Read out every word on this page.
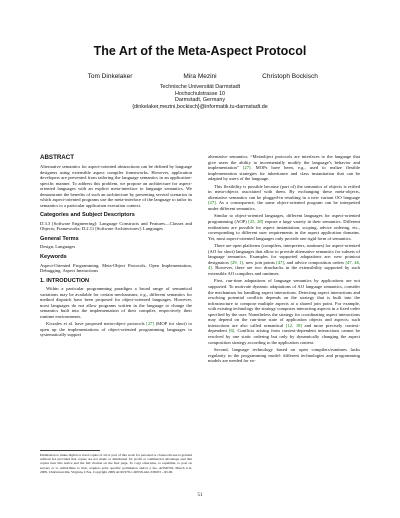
The Art of the Meta-Aspect Protocol
Tom Dinkelaker	Mira Mezini	Christoph Bockisch
Technische Universität Darmstadt
Hochschulstrasse 10
Darmstadt, Germany
{dinkelaker,mezini,bockisch}@informatik.tu-darmstadt.de
ABSTRACT

Alternative semantics for aspect-oriented abstractions can be defined by language designers using extensible aspect compiler frameworks. However, application developers are prevented from tailoring the language semantics in an application-specific manner. To address this problem, we propose an architecture for aspect-oriented languages with an explicit meta-interface to language semantics. We demonstrate the benefits of such an architecture by presenting several scenarios in which aspect-oriented programs use the meta-interface of the language to tailor its semantics to a particular application execution context.

Categories and Subject Descriptors

D.3.3 [Software Engineering]: Language Constructs and Features—Classes and Objects; Frameworks; D.2.11 [Software Architectures]: Languages

General Terms

Design, Languages

Keywords

Aspect-Oriented Programming, Meta-Object Protocols, Open Implementation, Debugging, Aspect Interactions

1. INTRODUCTION

Within a particular programming paradigm a broad range of semantical variations may be available for certain mechanisms; e.g., different semantics for method dispatch have been proposed for object-oriented languages. However, most languages do not allow programs written in the language to change the semantics built into the implementation of their compiler, respectively their runtime environments.

Kiczales et al. have proposed meta-object protocols [27] (MOP for short) to open up the implementations of object-oriented programming languages to systematically support

Permission to make digital or hard copies of all or part of this work for personal or classroom use is granted without fee provided that copies are not made or distributed for profit or commercial advantage and that copies bear this notice and the full citation on the first page. To copy otherwise, to republish, to post on servers or to redistribute to lists, requires prior specific permission and/or a fee. AOSD’09, March 2–6, 2009, Charlottesville, Virginia, USA. Copyright 2009 ACM 978-1-60558-442-3/09/03 ...$5.00.

alternative semantics. “Metaobject protocols are interfaces to the language that give users the ability to incrementally modify the language’s behavior and implementation” [27]. MOPs have been, e.g., used to realize flexible implementation strategies for inheritance and class instantiation that can be adapted by users of the language.

This flexibility is possible because (part of) the semantics of objects is reified in meta-objects associated with them. By exchanging these meta-objects, alternative semantics can be plugged-in resulting in a new variant OO language [27]. As a consequence, the same object-oriented program can be interpreted under different semantics.

Similar to object-oriented languages, different languages for aspect-oriented programming (AOP) [25, 28] expose a large variety in their semantics. Different realizations are possible for aspect instantiation, scoping, advice ordering, etc., corresponding to different user requirements in the aspect application domains. Yet, most aspect-oriented languages only provide one rigid form of semantics.

There are open platforms (compilers, interpreters, runtimes) for aspect-oriented (AO for short) languages that allow to provide alternative semantics for subsets of language semantics. Examples for supported adaptations are: new pointcut designators [29, 1], new join points [47], and advice composition orders [47, 46, 4]. However, there are two drawbacks in the extensibility supported by such extensible AO compilers and runtimes.

First, run-time adaptations of language semantics by applications are not supported. To motivate dynamic adaptations of AO language semantics, consider the mechanism for handling aspect interactions. Detecting aspect interactions and resolving potential conflicts depends on the strategy that is built into the infrastructure to compose multiple aspects at a shared join point. For example, with existing technology the strategy composes interacting aspects in a fixed order specified by the user. Nonetheless the strategy for coordinating aspect interactions may depend on the run-time state of application objects and aspects; such interactions are also called semantical [12, 18] and more precisely context-dependent [6]. Conflicts arising from context-dependent interactions cannot be resolved by one static ordering but only by dynamically changing the aspect composition strategy according to the application context.

Second, language technology based on open compilers/runtimes lacks regularity in the programming model: different technologies and programming models are needed for ex-

51
